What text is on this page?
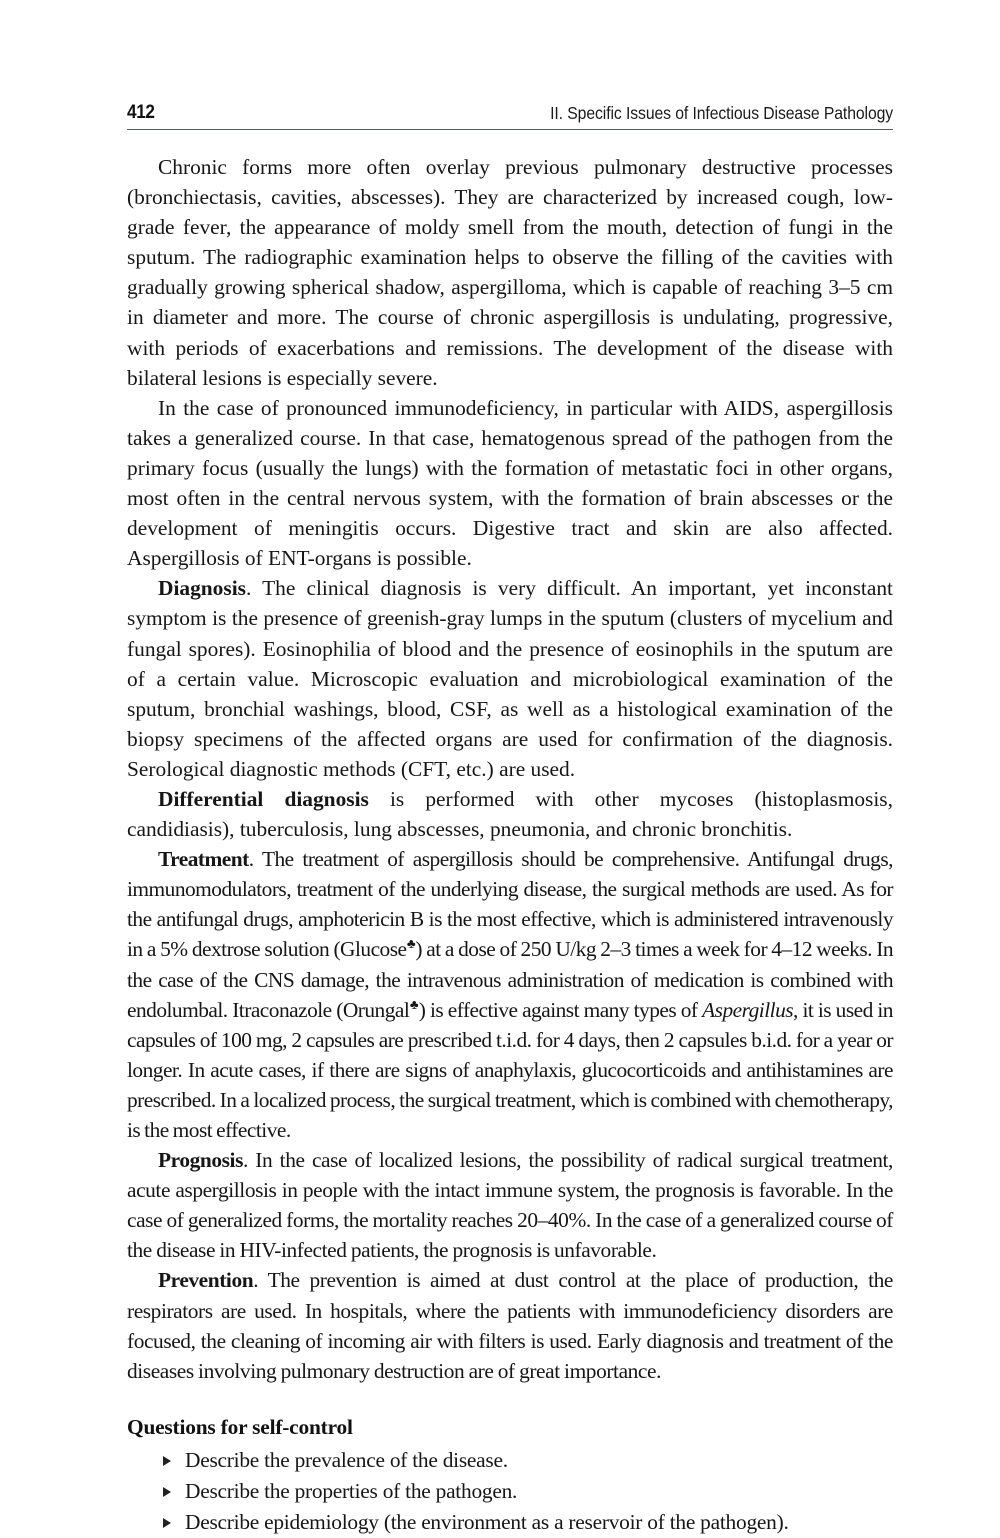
412	II. Specific Issues of Infectious Disease Pathology

Chronic forms more often overlay previous pulmonary destructive processes (bronchiectasis, cavities, abscesses). They are characterized by increased cough, low-grade fever, the appearance of moldy smell from the mouth, detection of fungi in the sputum. The radiographic examination helps to observe the filling of the cavities with gradually growing spherical shadow, aspergilloma, which is capable of reaching 3–5 cm in diameter and more. The course of chronic aspergillosis is undulating, progressive, with periods of exacerbations and remissions. The development of the disease with bilateral lesions is especially severe.

In the case of pronounced immunodeficiency, in particular with AIDS, aspergillosis takes a generalized course. In that case, hematogenous spread of the pathogen from the primary focus (usually the lungs) with the formation of metastatic foci in other organs, most often in the central nervous system, with the formation of brain abscesses or the development of meningitis occurs. Digestive tract and skin are also affected. Aspergillosis of ENT-organs is possible.

Diagnosis. The clinical diagnosis is very difficult. An important, yet inconstant symptom is the presence of greenish-gray lumps in the sputum (clusters of mycelium and fungal spores). Eosinophilia of blood and the presence of eosinophils in the sputum are of a certain value. Microscopic evaluation and microbiological examination of the sputum, bronchial washings, blood, CSF, as well as a histological examination of the biopsy specimens of the affected organs are used for confirmation of the diagnosis. Serological diagnostic methods (CFT, etc.) are used.

Differential diagnosis is performed with other mycoses (histoplasmosis, candidiasis), tuberculosis, lung abscesses, pneumonia, and chronic bronchitis.

Treatment. The treatment of aspergillosis should be comprehensive. Antifungal drugs, immunomodulators, treatment of the underlying disease, the surgical methods are used. As for the antifungal drugs, amphotericin B is the most effective, which is administered intravenously in a 5% dextrose solution (Glucose♣) at a dose of 250 U/kg 2–3 times a week for 4–12 weeks. In the case of the CNS damage, the intravenous administration of medication is combined with endolumbal. Itraconazole (Orungal♣) is effective against many types of Aspergillus, it is used in capsules of 100 mg, 2 capsules are prescribed t.i.d. for 4 days, then 2 capsules b.i.d. for a year or longer. In acute cases, if there are signs of anaphylaxis, glucocorticoids and antihistamines are prescribed. In a localized process, the surgical treatment, which is combined with chemotherapy, is the most effective.

Prognosis. In the case of localized lesions, the possibility of radical surgical treatment, acute aspergillosis in people with the intact immune system, the prognosis is favorable. In the case of generalized forms, the mortality reaches 20–40%. In the case of a generalized course of the disease in HIV-infected patients, the prognosis is unfavorable.

Prevention. The prevention is aimed at dust control at the place of production, the respirators are used. In hospitals, where the patients with immunodeficiency disorders are focused, the cleaning of incoming air with filters is used. Early diagnosis and treatment of the diseases involving pulmonary destruction are of great importance.

Questions for self-control
Describe the prevalence of the disease.
Describe the properties of the pathogen.
Describe epidemiology (the environment as a reservoir of the pathogen).
